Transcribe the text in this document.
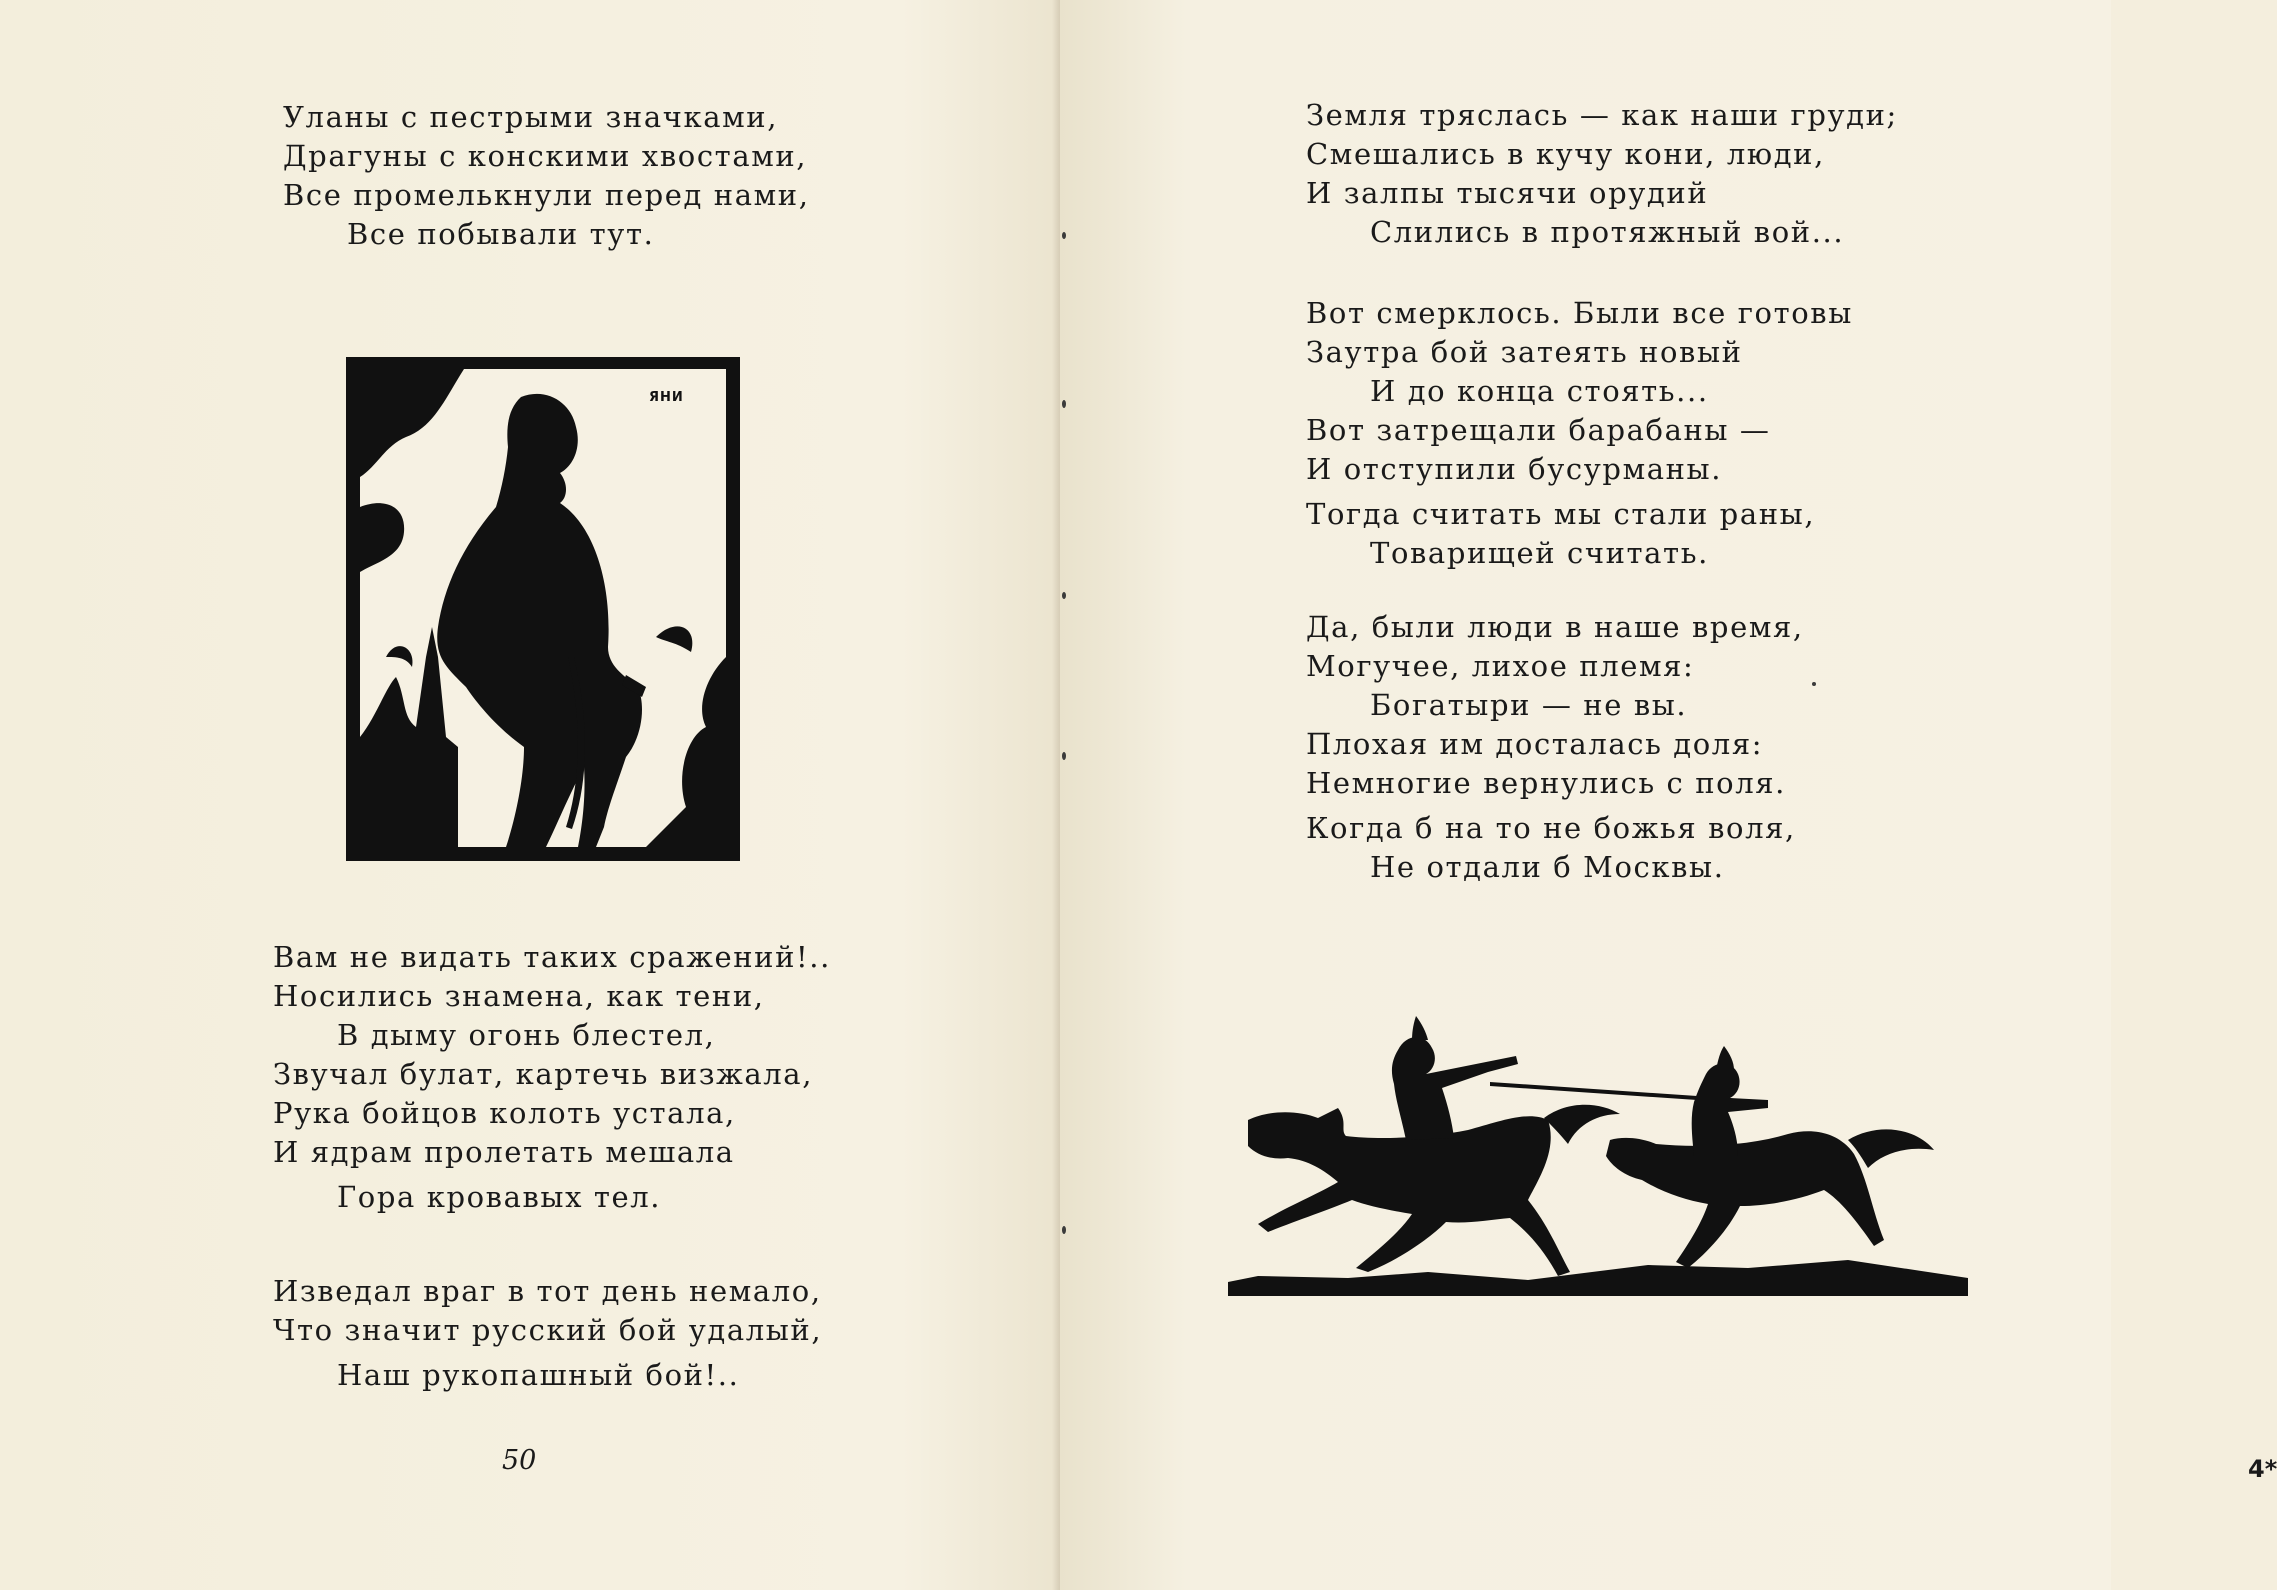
Уланы с пестрыми значками,
Драгуны с конскими хвостами,
Все промелькнули перед нами,
Все побывали тут.
ЯНИ
Вам не видать таких сражений!..
Носились знамена, как тени,
В дыму огонь блестел,
Звучал булат, картечь визжала,
Рука бойцов колоть устала,
И ядрам пролетать мешала
Гора кровавых тел.
Изведал враг в тот день немало,
Что значит русский бой удалый,
Наш рукопашный бой!..
50
Земля тряслась — как наши груди;
Смешались в кучу кони, люди,
И залпы тысячи орудий
Слились в протяжный вой...
Вот смерклось. Были все готовы
Заутра бой затеять новый
И до конца стоять...
Вот затрещали барабаны —
И отступили бусурманы.
Тогда считать мы стали раны,
Товарищей считать.
Да, были люди в наше время,
Могучее, лихое племя:
Богатыри — не вы.
Плохая им досталась доля:
Немногие вернулись с поля.
Когда б на то не божья воля,
Не отдали б Москвы.
4*
